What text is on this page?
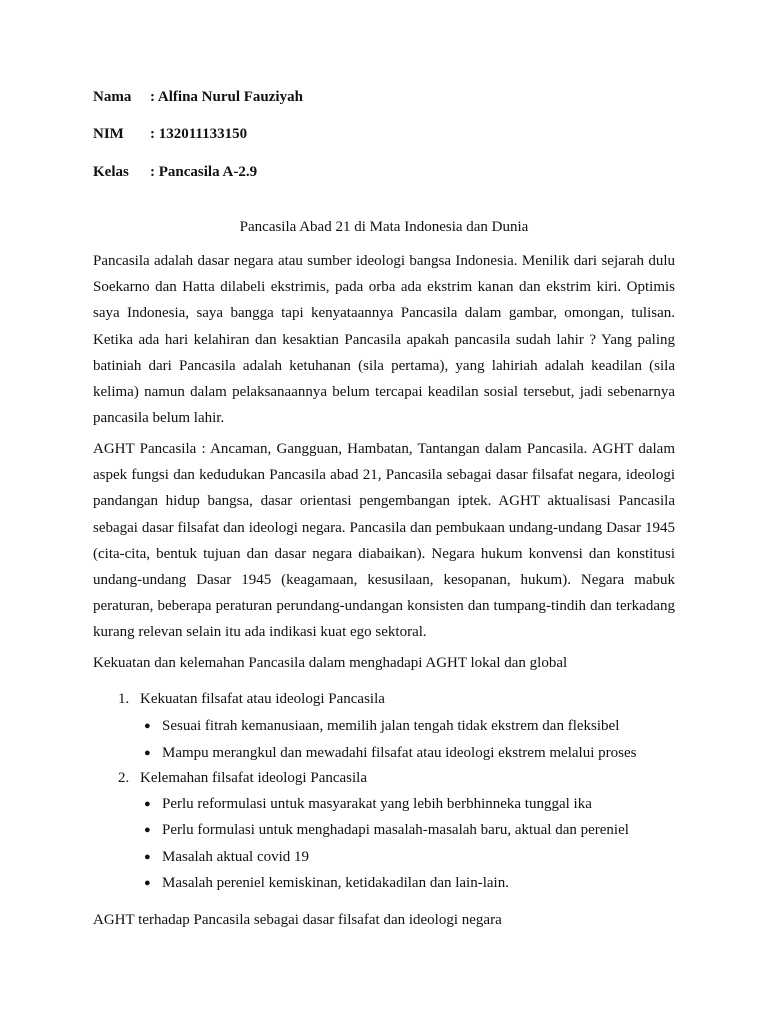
Nama : Alfina Nurul Fauziyah
NIM : 132011133150
Kelas : Pancasila A-2.9
Pancasila Abad 21 di Mata Indonesia dan Dunia

Pancasila adalah dasar negara atau sumber ideologi bangsa Indonesia. Menilik dari sejarah dulu Soekarno dan Hatta dilabeli ekstrimis, pada orba ada ekstrim kanan dan ekstrim kiri. Optimis saya Indonesia, saya bangga tapi kenyataannya Pancasila dalam gambar, omongan, tulisan. Ketika ada hari kelahiran dan kesaktian Pancasila apakah pancasila sudah lahir ? Yang paling batiniah dari Pancasila adalah ketuhanan (sila pertama), yang lahiriah adalah keadilan (sila kelima) namun dalam pelaksanaannya belum tercapai keadilan sosial tersebut, jadi sebenarnya pancasila belum lahir.

AGHT Pancasila : Ancaman, Gangguan, Hambatan, Tantangan dalam Pancasila. AGHT dalam aspek fungsi dan kedudukan Pancasila abad 21, Pancasila sebagai dasar filsafat negara, ideologi pandangan hidup bangsa, dasar orientasi pengembangan iptek. AGHT aktualisasi Pancasila sebagai dasar filsafat dan ideologi negara. Pancasila dan pembukaan undang-undang Dasar 1945 (cita-cita, bentuk tujuan dan dasar negara diabaikan). Negara hukum konvensi dan konstitusi undang-undang Dasar 1945 (keagamaan, kesusilaan, kesopanan, hukum). Negara mabuk peraturan, beberapa peraturan perundang-undangan konsisten dan tumpang-tindih dan terkadang kurang relevan selain itu ada indikasi kuat ego sektoral.

Kekuatan dan kelemahan Pancasila dalam menghadapi AGHT lokal dan global
1. Kekuatan filsafat atau ideologi Pancasila
● Sesuai fitrah kemanusiaan, memilih jalan tengah tidak ekstrem dan fleksibel
● Mampu merangkul dan mewadahi filsafat atau ideologi ekstrem melalui proses
2. Kelemahan filsafat ideologi Pancasila
● Perlu reformulasi untuk masyarakat yang lebih berbhinneka tunggal ika
● Perlu formulasi untuk menghadapi masalah-masalah baru, aktual dan pereniel
● Masalah aktual covid 19
● Masalah pereniel kemiskinan, ketidakadilan dan lain-lain.
AGHT terhadap Pancasila sebagai dasar filsafat dan ideologi negara
